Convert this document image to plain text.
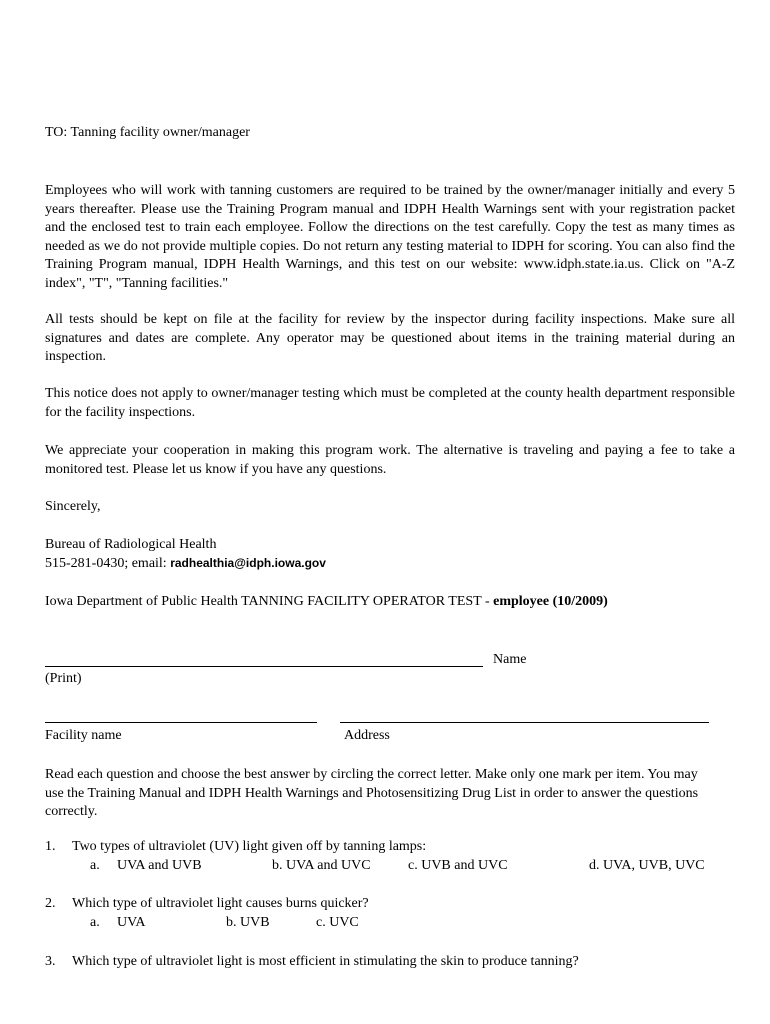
TO: Tanning facility owner/manager

Employees who will work with tanning customers are required to be trained by the owner/manager initially and every 5 years thereafter. Please use the Training Program manual and IDPH Health Warnings sent with your registration packet and the enclosed test to train each employee. Follow the directions on the test carefully. Copy the test as many times as needed as we do not provide multiple copies. Do not return any testing material to IDPH for scoring. You can also find the Training Program manual, IDPH Health Warnings, and this test on our website: www.idph.state.ia.us. Click on "A-Z index", "T", "Tanning facilities."

All tests should be kept on file at the facility for review by the inspector during facility inspections. Make sure all signatures and dates are complete. Any operator may be questioned about items in the training material during an inspection.

This notice does not apply to owner/manager testing which must be completed at the county health department responsible for the facility inspections.

We appreciate your cooperation in making this program work. The alternative is traveling and paying a fee to take a monitored test. Please let us know if you have any questions.

Sincerely,
Bureau of Radiological Health
515-281-0430; email: radhealthia@idph.iowa.gov
Iowa Department of Public Health TANNING FACILITY OPERATOR TEST - employee (10/2009)
Name
(Print)
Facility name	Address

Read each question and choose the best answer by circling the correct letter. Make only one mark per item. You may use the Training Manual and IDPH Health Warnings and Photosensitizing Drug List in order to answer the questions correctly.

1. Two types of ultraviolet (UV) light given off by tanning lamps:
a. UVA and UVB	b. UVA and UVC	c. UVB and UVC	d. UVA, UVB, UVC
2. Which type of ultraviolet light causes burns quicker?
a. UVA	b. UVB	c. UVC
3. Which type of ultraviolet light is most efficient in stimulating the skin to produce tanning?
